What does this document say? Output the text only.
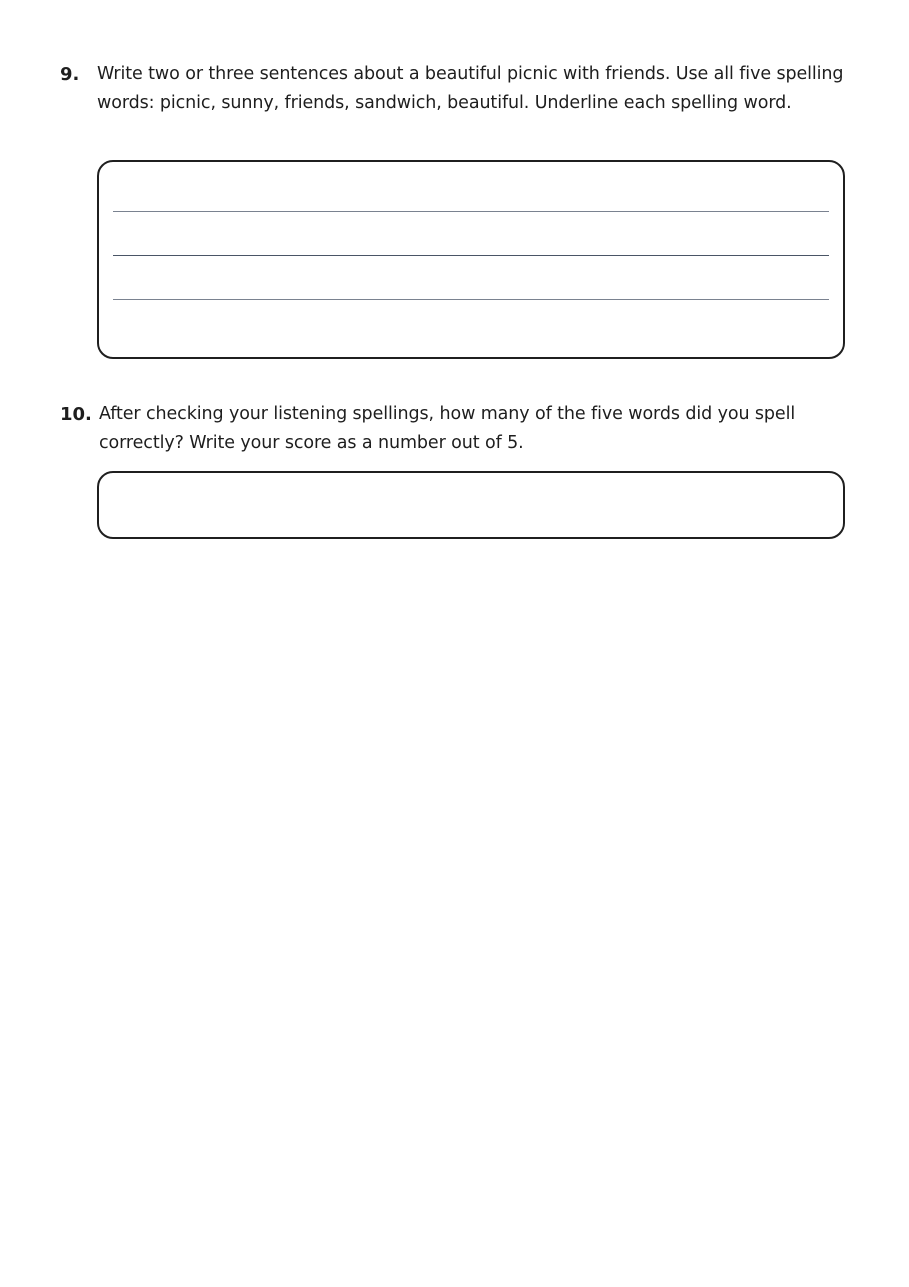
9. Write two or three sentences about a beautiful picnic with friends. Use all five spelling words: picnic, sunny, friends, sandwich, beautiful. Underline each spelling word.
10. After checking your listening spellings, how many of the five words did you spell correctly? Write your score as a number out of 5.
